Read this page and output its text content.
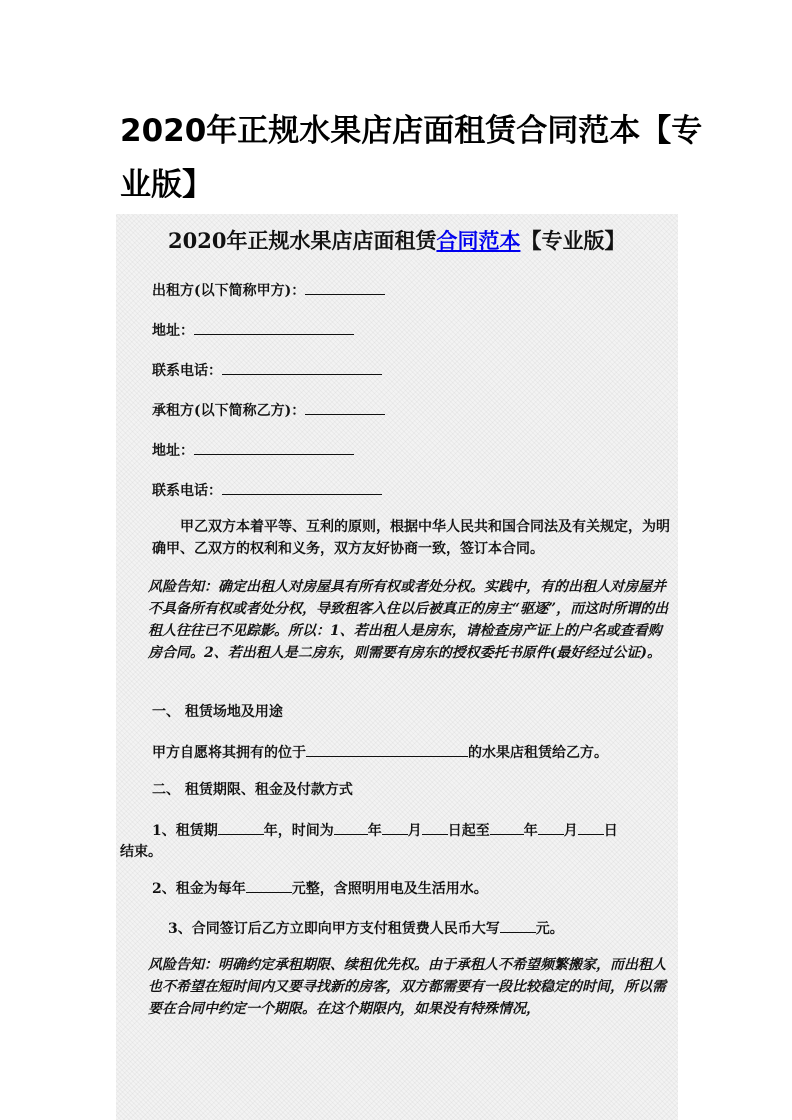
2020年正规水果店店面租赁合同范本【专业版】
2020年正规水果店店面租赁合同范本【专业版】
出租方(以下简称甲方)：
地址：
联系电话：
承租方(以下简称乙方)：
地址：
联系电话：

甲乙双方本着平等、互利的原则，根据中华人民共和国合同法及有关规定，为明确甲、乙双方的权利和义务，双方友好协商一致，签订本合同。

风险告知：确定出租人对房屋具有所有权或者处分权。实践中，有的出租人对房屋并不具备所有权或者处分权，导致租客入住以后被真正的房主“驱逐”，而这时所谓的出租人往往已不见踪影。所以：1、若出租人是房东，请检查房产证上的户名或查看购房合同。2、若出租人是二房东，则需要有房东的授权委托书原件(最好经过公证)。

一、 租赁场地及用途
甲方自愿将其拥有的位于	的水果店租赁给乙方。
二、 租赁期限、租金及付款方式
1、租赁期	年，时间为 年 月 日起至 年 月 日
结束。
2、租金为每年	元整，含照明用电及生活用水。
3、合同签订后乙方立即向甲方支付租赁费人民币大写	元。

风险告知：明确约定承租期限、续租优先权。由于承租人不希望频繁搬家，而出租人也不希望在短时间内又要寻找新的房客，双方都需要有一段比较稳定的时间，所以需要在合同中约定一个期限。在这个期限内，如果没有特殊情况，
